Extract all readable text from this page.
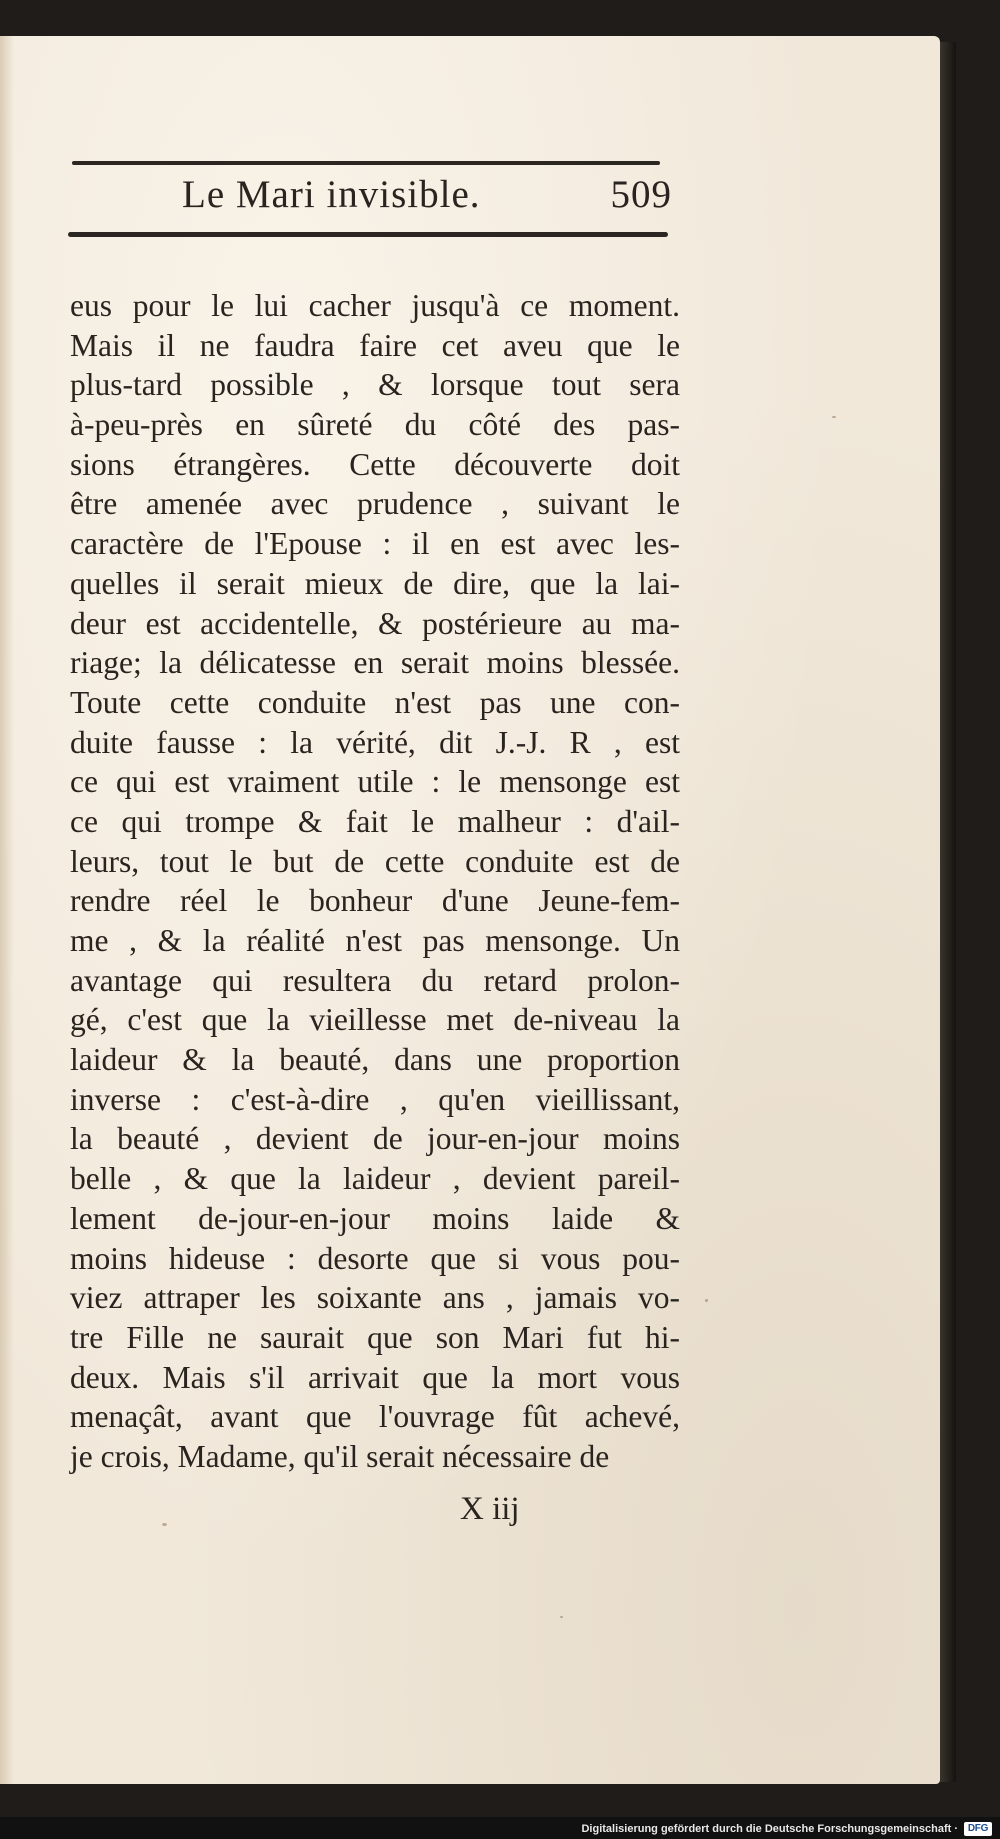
Le Mari invisible.	509
eus pour le lui cacher jusqu'à ce moment.
Mais il ne faudra faire cet aveu que le
plus-tard possible , & lorsque tout sera
à-peu-près en sûreté du côté des pas-
sions étrangères. Cette découverte doit
être amenée avec prudence , suivant le
caractère de l'Epouse : il en est avec les-
quelles il serait mieux de dire, que la lai-
deur est accidentelle, & postérieure au ma-
riage; la délicatesse en serait moins blessée.
Toute cette conduite n'est pas une con-
duite fausse : la vérité, dit J.-J. R , est
ce qui est vraiment utile : le mensonge est
ce qui trompe & fait le malheur : d'ail-
leurs, tout le but de cette conduite est de
rendre réel le bonheur d'une Jeune-fem-
me , & la réalité n'est pas mensonge. Un
avantage qui resultera du retard prolon-
gé, c'est que la vieillesse met de-niveau la
laideur & la beauté, dans une proportion
inverse : c'est-à-dire , qu'en vieillissant,
la beauté , devient de jour-en-jour moins
belle , & que la laideur , devient pareil-
lement de-jour-en-jour moins laide &
moins hideuse : desorte que si vous pou-
viez attraper les soixante ans , jamais vo-
tre Fille ne saurait que son Mari fut hi-
deux. Mais s'il arrivait que la mort vous
menaçât, avant que l'ouvrage fût achevé,
je crois, Madame, qu'il serait nécessaire de
X iij
Digitalisierung gefördert durch die Deutsche Forschungsgemeinschaft · DFG
